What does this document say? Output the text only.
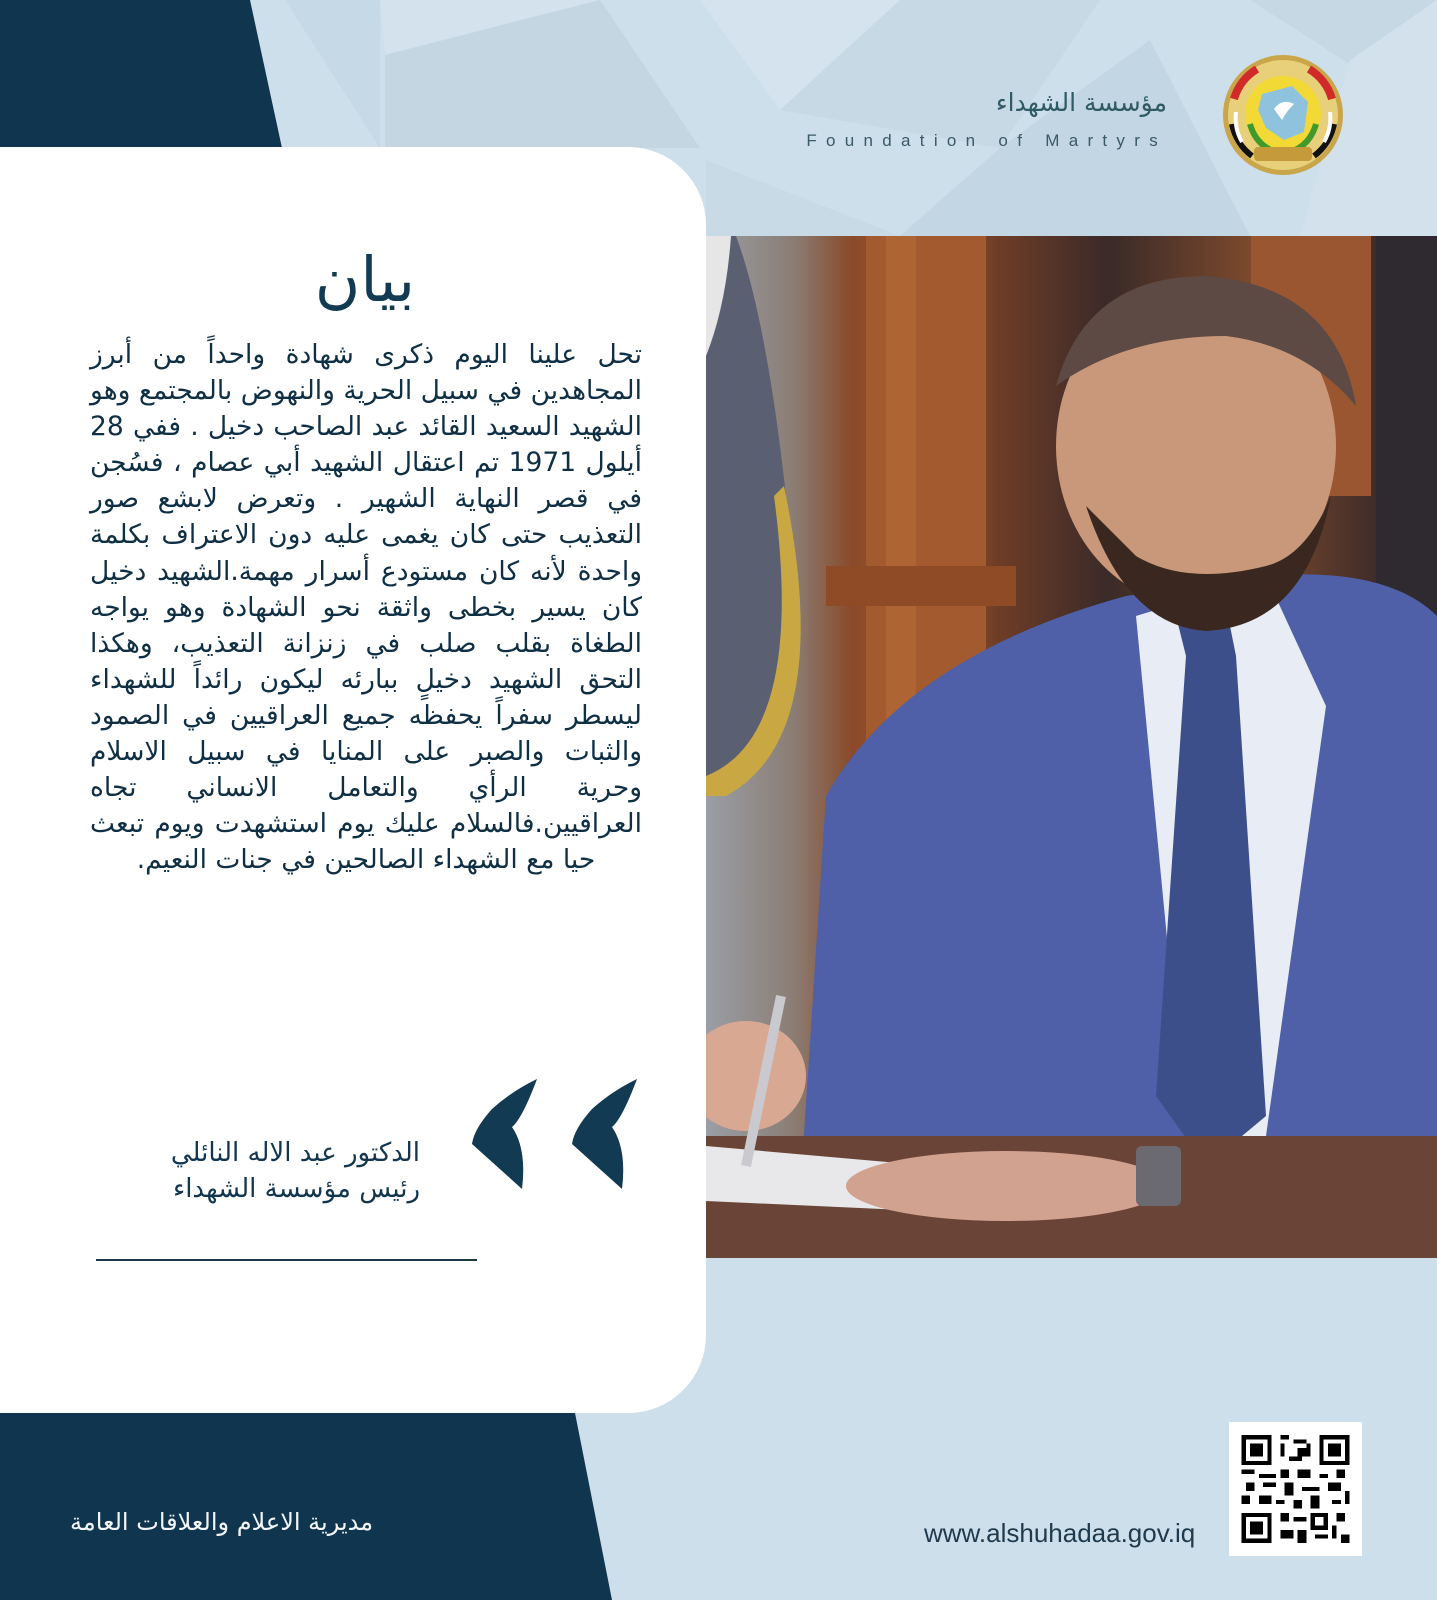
مؤسسة الشهداء
Foundation of Martyrs
بيان

تحل علينا اليوم ذكرى شهادة واحداً من أبرز المجاهدين في سبيل الحرية والنهوض بالمجتمع وهو الشهيد السعيد القائد عبد الصاحب دخيل . ففي 28 أيلول 1971 تم اعتقال الشهيد أبي عصام ، فسُجن في قصر النهاية الشهير . وتعرض لابشع صور التعذيب حتى كان يغمى عليه دون الاعتراف بكلمة واحدة لأنه كان مستودع أسرار مهمة.الشهيد دخيل كان يسير بخطى واثقة نحو الشهادة وهو يواجه الطغاة بقلب صلب في زنزانة التعذيب، وهكذا التحق الشهيد دخيلٍ ببارئه ليكون رائداً للشهداء ليسطر سفراً يحفظه جميع العراقيين في الصمود والثبات والصبر على المنايا في سبيل الاسلام وحرية الرأي والتعامل الانساني تجاه العراقيين.فالسلام عليك يوم استشهدت ويوم تبعث حيا مع الشهداء الصالحين في جنات النعيم.

الدكتور عبد الاله النائلي
رئيس مؤسسة الشهداء
مديرية الاعلام والعلاقات العامة	www.alshuhadaa.gov.iq
